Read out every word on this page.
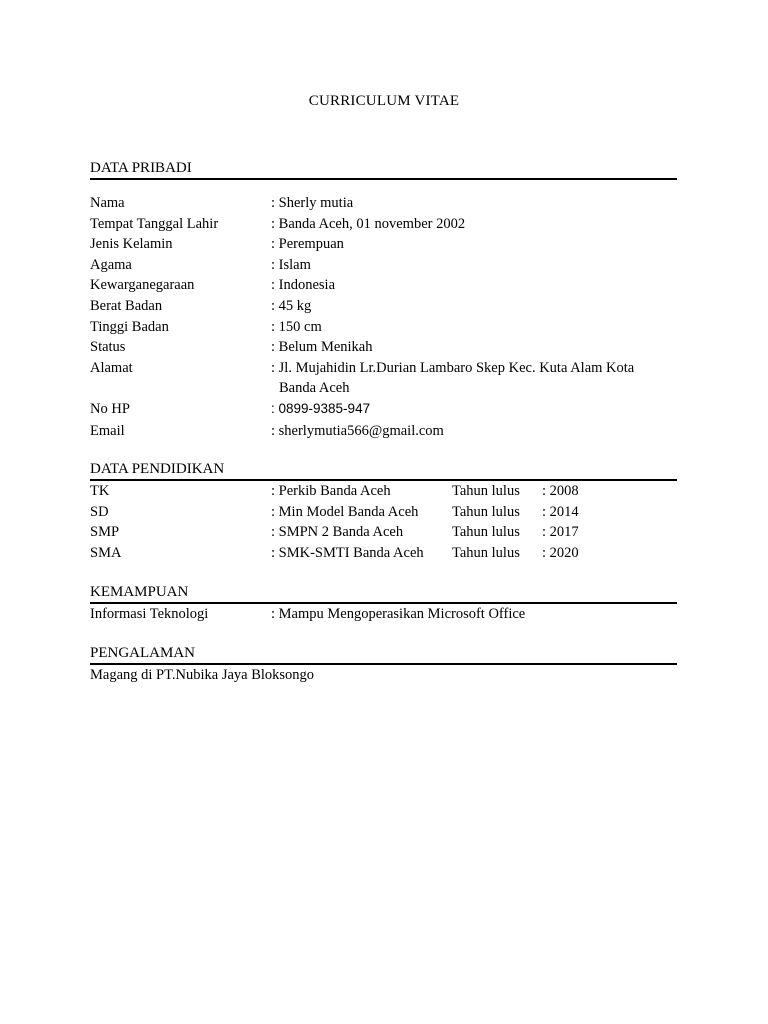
CURRICULUM VITAE
DATA PRIBADI
Nama	: Sherly mutia
Tempat Tanggal Lahir	: Banda Aceh, 01 november 2002
Jenis Kelamin	: Perempuan
Agama	: Islam
Kewarganegaraan	: Indonesia
Berat Badan	: 45 kg
Tinggi Badan	: 150 cm
Status	: Belum Menikah
Alamat	: Jl. Mujahidin Lr.Durian Lambaro Skep Kec. Kuta Alam Kota
Banda Aceh
No HP	: 0899-9385-947
Email	: sherlymutia566@gmail.com
DATA PENDIDIKAN
TK	: Perkib Banda Aceh	Tahun lulus : 2008
SD	: Min Model Banda Aceh	Tahun lulus : 2014
SMP	: SMPN 2 Banda Aceh	Tahun lulus : 2017
SMA	: SMK-SMTI Banda Aceh	Tahun lulus : 2020
KEMAMPUAN
Informasi Teknologi	: Mampu Mengoperasikan Microsoft Office
PENGALAMAN
Magang di PT.Nubika Jaya Bloksongo
